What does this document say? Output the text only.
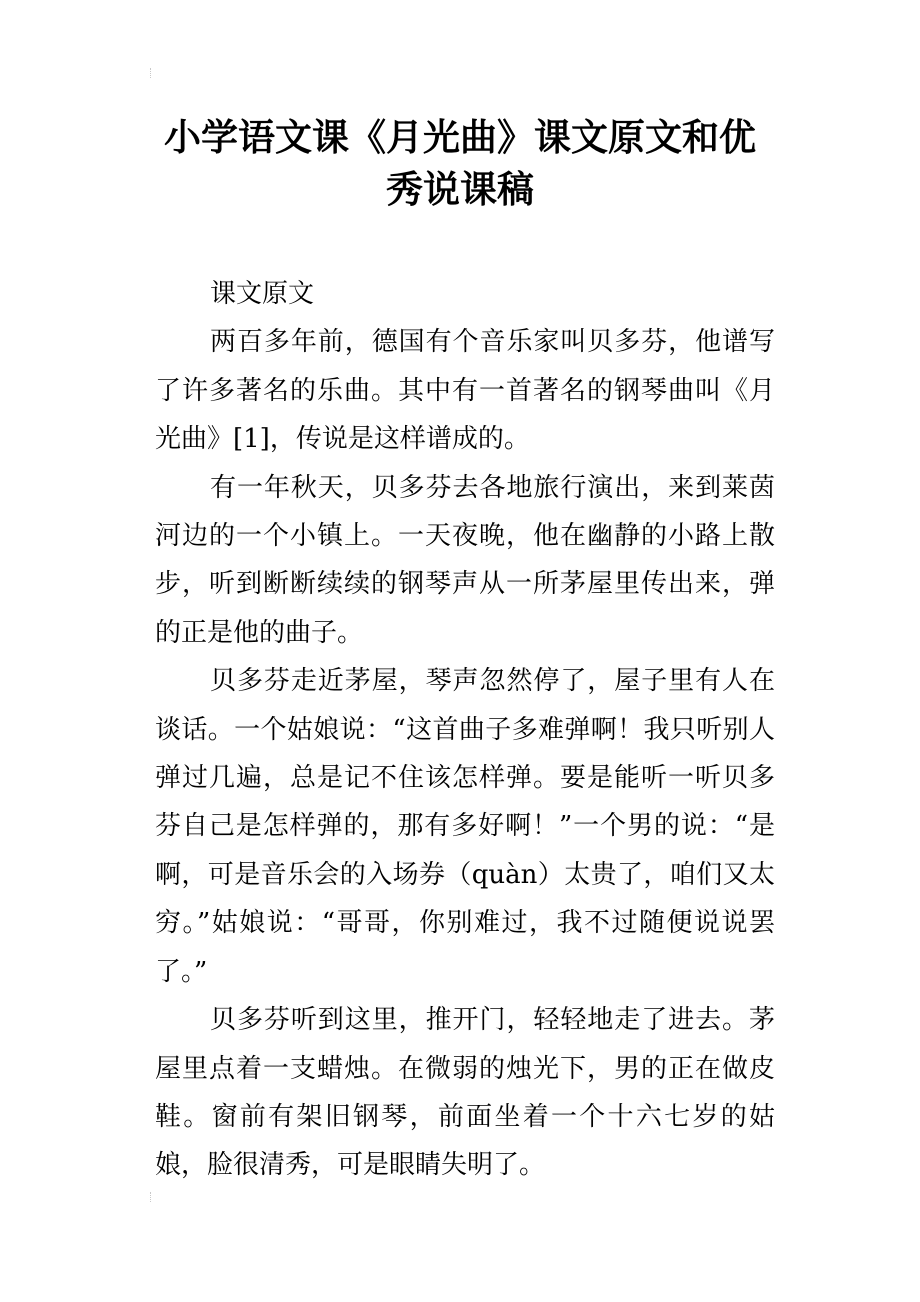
小学语文课《月光曲》课文原文和优
秀说课稿

课文原文

两百多年前，德国有个音乐家叫贝多芬，他谱写了许多著名的乐曲。其中有一首著名的钢琴曲叫《月光曲》[1]，传说是这样谱成的。

有一年秋天，贝多芬去各地旅行演出，来到莱茵河边的一个小镇上。一天夜晚，他在幽静的小路上散步，听到断断续续的钢琴声从一所茅屋里传出来，弹的正是他的曲子。

贝多芬走近茅屋，琴声忽然停了，屋子里有人在谈话。一个姑娘说：“这首曲子多难弹啊！我只听别人弹过几遍，总是记不住该怎样弹。要是能听一听贝多芬自己是怎样弹的，那有多好啊！”一个男的说：“是啊，可是音乐会的入场券（quàn）太贵了，咱们又太穷。”姑娘说：“哥哥，你别难过，我不过随便说说罢了。”

贝多芬听到这里，推开门，轻轻地走了进去。茅屋里点着一支蜡烛。在微弱的烛光下，男的正在做皮鞋。窗前有架旧钢琴，前面坐着一个十六七岁的姑娘，脸很清秀，可是眼睛失明了。
